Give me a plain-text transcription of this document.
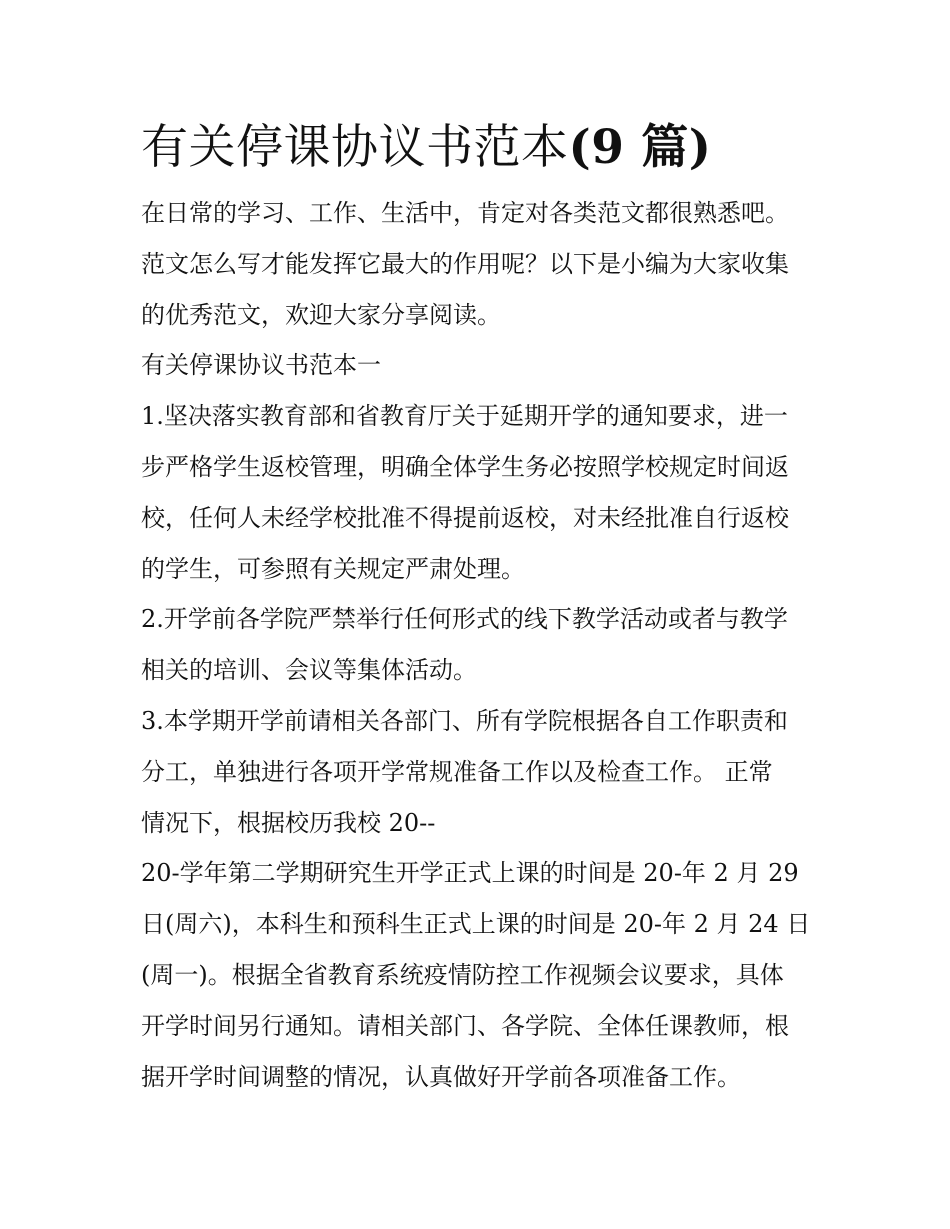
有关停课协议书范本(9 篇)

在日常的学习、工作、生活中，肯定对各类范文都很熟悉吧。
范文怎么写才能发挥它最大的作用呢？以下是小编为大家收集
的优秀范文，欢迎大家分享阅读。

有关停课协议书范本一

1.坚决落实教育部和省教育厅关于延期开学的通知要求，进一
步严格学生返校管理，明确全体学生务必按照学校规定时间返
校，任何人未经学校批准不得提前返校，对未经批准自行返校
的学生，可参照有关规定严肃处理。

2.开学前各学院严禁举行任何形式的线下教学活动或者与教学
相关的培训、会议等集体活动。

3.本学期开学前请相关各部门、所有学院根据各自工作职责和
分工，单独进行各项开学常规准备工作以及检查工作。 正常
情况下，根据校历我校 20--

20-学年第二学期研究生开学正式上课的时间是 20-年 2 月 29
日(周六)，本科生和预科生正式上课的时间是 20-年 2 月 24 日
(周一)。根据全省教育系统疫情防控工作视频会议要求，具体
开学时间另行通知。请相关部门、各学院、全体任课教师，根
据开学时间调整的情况，认真做好开学前各项准备工作。
